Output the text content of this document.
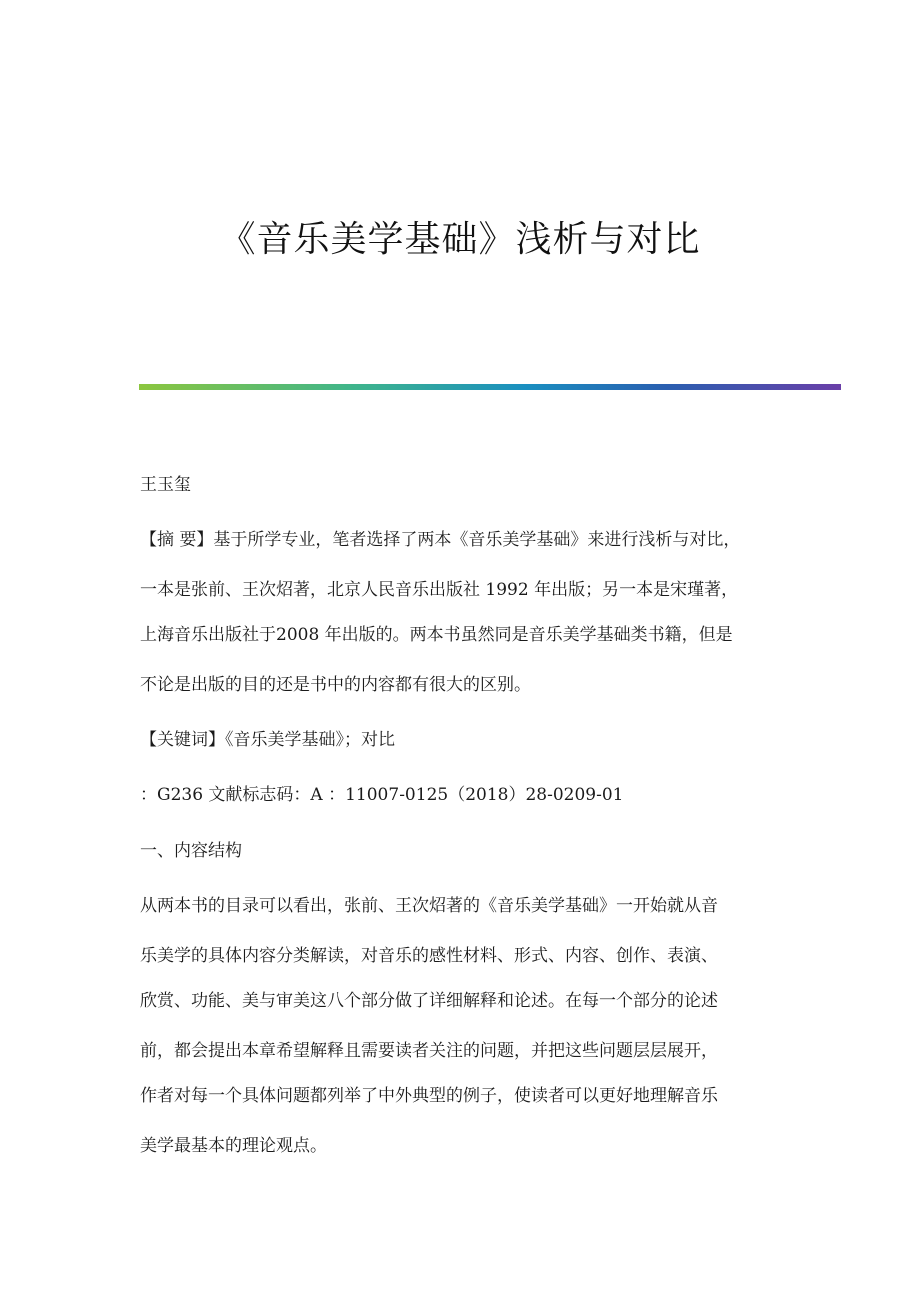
《音乐美学基础》浅析与对比
王玉玺
【摘 要】基于所学专业，笔者选择了两本《音乐美学基础》来进行浅析与对比，
一本是张前、王次炤著，北京人民音乐出版社 1992 年出版；另一本是宋瑾著，
上海音乐出版社于2008 年出版的。两本书虽然同是音乐美学基础类书籍，但是
不论是出版的目的还是书中的内容都有很大的区别。
【关键词】《音乐美学基础》；对比
：G236 文献标志码：A ：11007-0125（2018）28-0209-01
一、内容结构
从两本书的目录可以看出，张前、王次炤著的《音乐美学基础》一开始就从音
乐美学的具体内容分类解读，对音乐的感性材料、形式、内容、创作、表演、
欣赏、功能、美与审美这八个部分做了详细解释和论述。在每一个部分的论述
前，都会提出本章希望解释且需要读者关注的问题，并把这些问题层层展开，
作者对每一个具体问题都列举了中外典型的例子，使读者可以更好地理解音乐
美学最基本的理论观点。
